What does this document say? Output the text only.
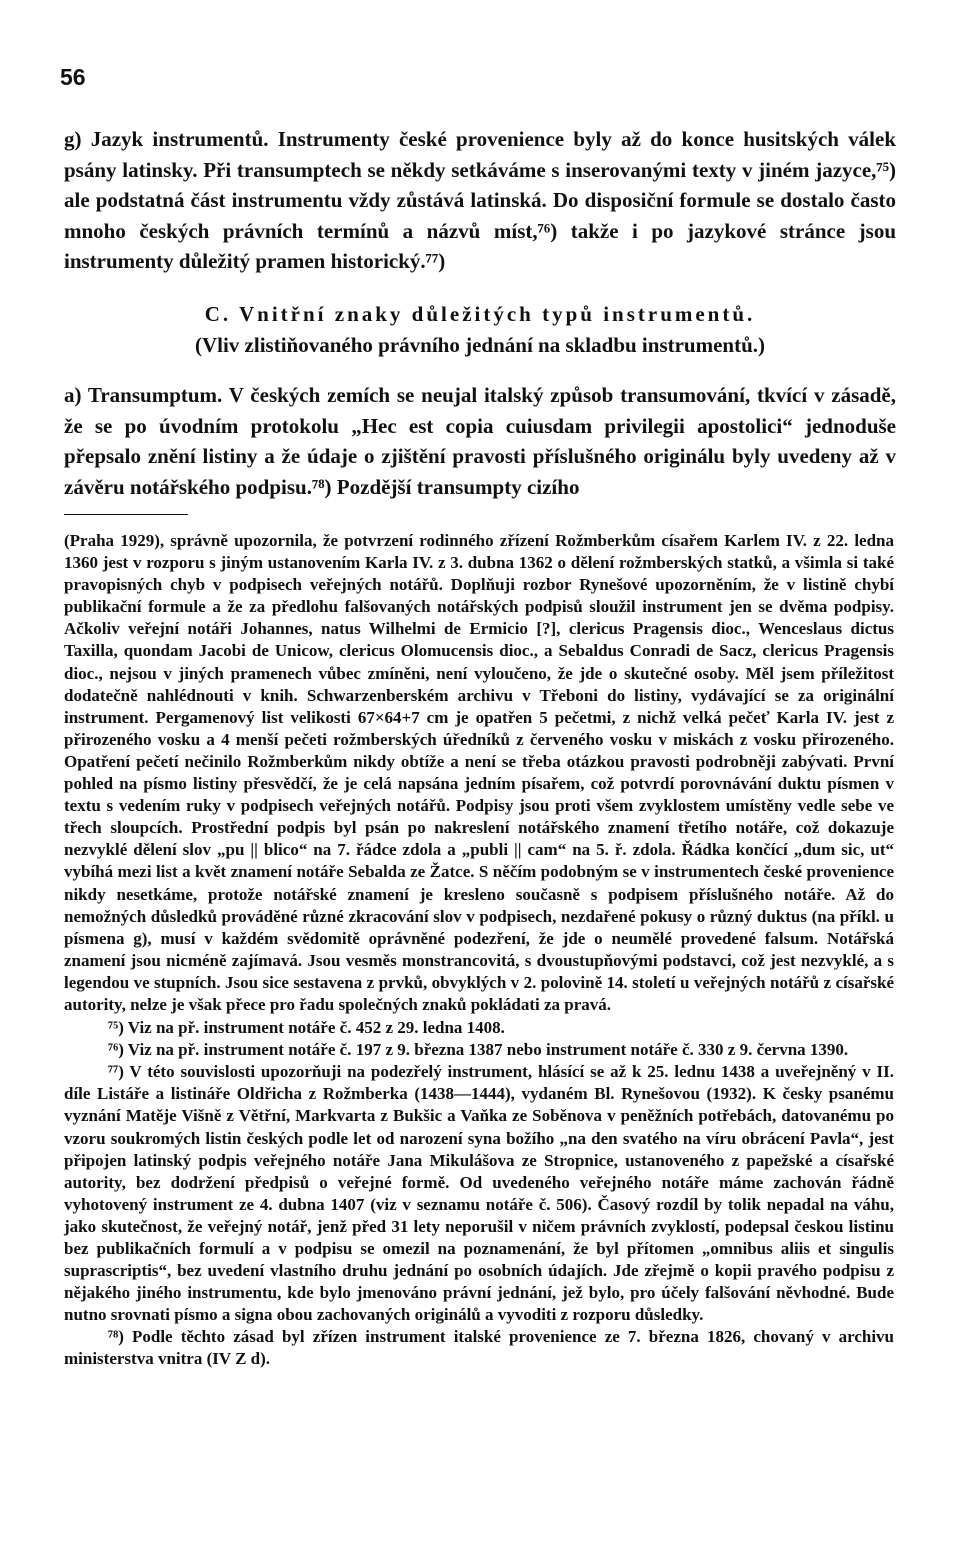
56

g) Jazyk instrumentů. Instrumenty české provenience byly až do konce husitských válek psány latinsky. Při transumptech se někdy setkáváme s inserovanými texty v jiném jazyce,⁷⁵) ale podstatná část instrumentu vždy zůstává latinská. Do disposiční formule se dostalo často mnoho českých právních termínů a názvů míst,⁷⁶) takže i po jazykové stránce jsou instrumenty důležitý pramen historický.⁷⁷)

C. Vnitřní znaky důležitých typů instrumentů.

(Vliv zlistiňovaného právního jednání na skladbu instrumentů.)

a) Transumptum. V českých zemích se neujal italský způsob transumování, tkvící v zásadě, že se po úvodním protokolu „Hec est copia cuiusdam privilegii apostolici“ jednoduše přepsalo znění listiny a že údaje o zjištění pravosti příslušného originálu byly uvedeny až v závěru notářského podpisu.⁷⁸) Pozdější transumpty cizího

(Praha 1929), správně upozornila, že potvrzení rodinného zřízení Rožmberkům císařem Karlem IV. z 22. ledna 1360 jest v rozporu s jiným ustanovením Karla IV. z 3. dubna 1362 o dělení rožmberských statků, a všimla si také pravopisných chyb v podpisech veřejných notářů. Doplňuji rozbor Rynešové upozorněním, že v listině chybí publikační formule a že za předlohu falšovaných notářských podpisů sloužil instrument jen se dvěma podpisy. Ačkoliv veřejní notáři Johannes, natus Wilhelmi de Ermicio [?], clericus Pragensis dioc., Wenceslaus dictus Taxilla, quondam Jacobi de Unicow, clericus Olomucensis dioc., a Sebaldus Conradi de Sacz, clericus Pragensis dioc., nejsou v jiných pramenech vůbec zmíněni, není vyloučeno, že jde o skutečné osoby. Měl jsem příležitost dodatečně nahlédnouti v knih. Schwarzenberském archivu v Třeboni do listiny, vydávající se za originální instrument. Pergamenový list velikosti 67×64+7 cm je opatřen 5 pečetmi, z nichž velká pečeť Karla IV. jest z přirozeného vosku a 4 menší pečeti rožmberských úředníků z červeného vosku v miskách z vosku přirozeného. Opatření pečetí nečinilo Rožmberkům nikdy obtíže a není se třeba otázkou pravosti podrobněji zabývati. První pohled na písmo listiny přesvědčí, že je celá napsána jedním písařem, což potvrdí porovnávání duktu písmen v textu s vedením ruky v podpisech veřejných notářů. Podpisy jsou proti všem zvyklostem umístěny vedle sebe ve třech sloupcích. Prostřední podpis byl psán po nakreslení notářského znamení třetího notáře, což dokazuje nezvyklé dělení slov „pu || blico“ na 7. řádce zdola a „publi || cam“ na 5. ř. zdola. Řádka končící „dum sic, ut“ vybíhá mezi list a květ znamení notáře Sebalda ze Žatce. S něčím podobným se v instrumentech české provenience nikdy nesetkáme, protože notářské znamení je kresleno současně s podpisem příslušného notáře. Až do nemožných důsledků prováděné různé zkracování slov v podpisech, nezdařené pokusy o různý duktus (na příkl. u písmena g), musí v každém svědomitě oprávněné podezření, že jde o neumělé provedené falsum. Notářská znamení jsou nicméně zajímavá. Jsou vesměs monstrancovitá, s dvoustupňovými podstavci, což jest nezvyklé, a s legendou ve stupních. Jsou sice sestavena z prvků, obvyklých v 2. polovině 14. století u veřejných notářů z císařské autority, nelze je však přece pro řadu společných znaků pokládati za pravá.

⁷⁵) Viz na př. instrument notáře č. 452 z 29. ledna 1408.

⁷⁶) Viz na př. instrument notáře č. 197 z 9. března 1387 nebo instrument notáře č. 330 z 9. června 1390.

⁷⁷) V této souvislosti upozorňuji na podezřelý instrument, hlásící se až k 25. lednu 1438 a uveřejněný v II. díle Listáře a listináře Oldřicha z Rožmberka (1438—1444), vydaném Bl. Rynešovou (1932). K česky psanému vyznání Matěje Višně z Větřní, Markvarta z Bukšic a Vaňka ze Soběnova v peněžních potřebách, datovanému po vzoru soukromých listin českých podle let od narození syna božího „na den svatého na víru obrácení Pavla“, jest připojen latinský podpis veřejného notáře Jana Mikulášova ze Stropnice, ustanoveného z papežské a císařské autority, bez dodržení předpisů o veřejné formě. Od uvedeného veřejného notáře máme zachován řádně vyhotovený instrument ze 4. dubna 1407 (viz v seznamu notáře č. 506). Časový rozdíl by tolik nepadal na váhu, jako skutečnost, že veřejný notář, jenž před 31 lety neporušil v ničem právních zvyklostí, podepsal českou listinu bez publikačních formulí a v podpisu se omezil na poznamenání, že byl přítomen „omnibus aliis et singulis suprascriptis“, bez uvedení vlastního druhu jednání po osobních údajích. Jde zřejmě o kopii pravého podpisu z nějakého jiného instrumentu, kde bylo jmenováno právní jednání, jež bylo, pro účely falšování něvhodné. Bude nutno srovnati písmo a signa obou zachovaných originálů a vyvoditi z rozporu důsledky.

⁷⁸) Podle těchto zásad byl zřízen instrument italské provenience ze 7. března 1826, chovaný v archivu ministerstva vnitra (IV Z d).
